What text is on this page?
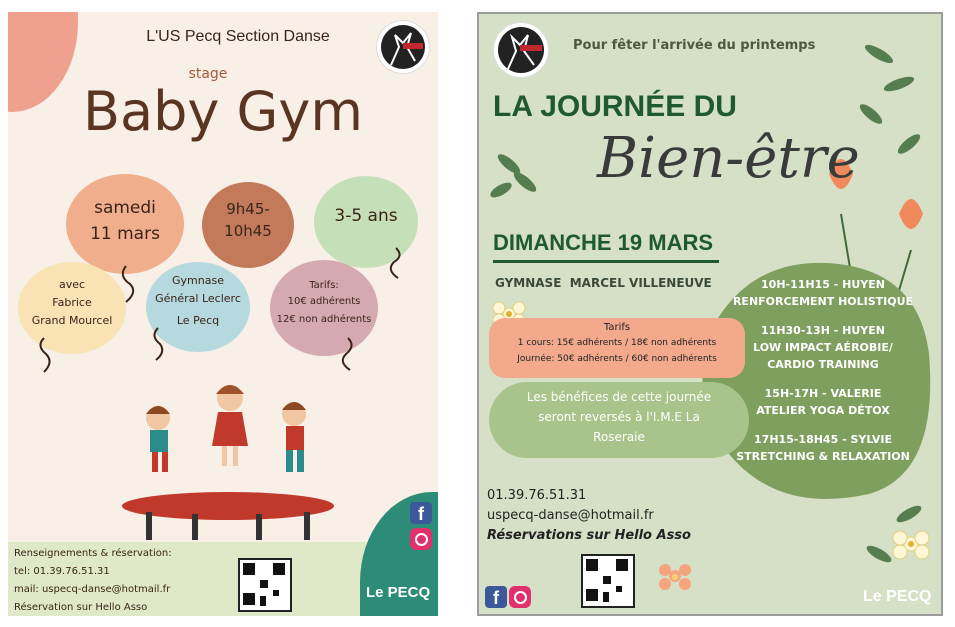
L'US Pecq Section Danse
stage
Baby Gym
samedi
11 mars
9h45-
10h45
3-5 ans
avec
Fabrice
Grand Mourcel
Gymnase
Général Leclerc
Le Pecq
Tarifs:
10€ adhérents
12€ non adhérents
Renseignements & réservation:
tel: 01.39.76.51.31
mail: uspecq-danse@hotmail.fr
Réservation sur Hello Asso
f
Le PECQ
Pour fêter l'arrivée du printemps
LA JOURNÉE DU
Bien-être
DIMANCHE 19 MARS
GYMNASE  MARCEL VILLENEUVE
Tarifs
1 cours: 15€ adhérents / 18€ non adhérents
Journée: 50€ adhérents / 60€ non adhérents
Les bénéfices de cette journée
seront reversés à l'I.M.E La
Roseraie
10H-11H15 - HUYEN
RENFORCEMENT HOLISTIQUE
11H30-13H - HUYEN
LOW IMPACT AÉROBIE/
CARDIO TRAINING
15H-17H - VALERIE
ATELIER YOGA DÉTOX
17H15-18H45 - SYLVIE
STRETCHING & RELAXATION
01.39.76.51.31
uspecq-danse@hotmail.fr
Réservations sur Hello Asso
f	Le PECQ
